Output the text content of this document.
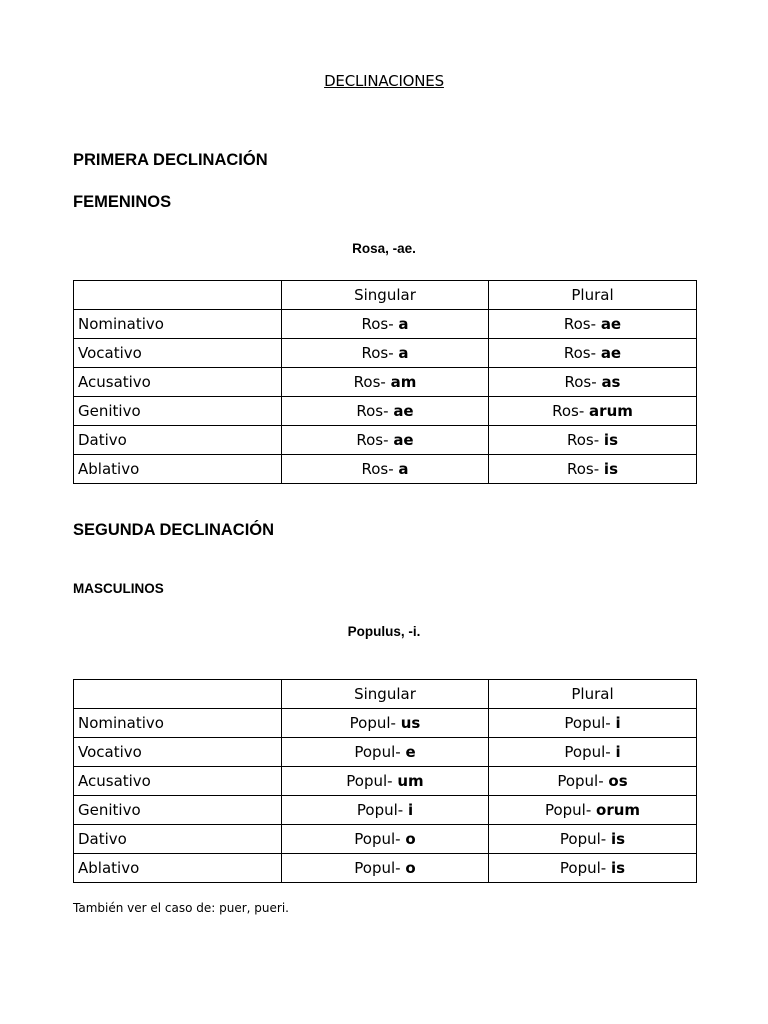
DECLINACIONES
PRIMERA DECLINACIÓN
FEMENINOS
Rosa, -ae.
	Singular	Plural
Nominativo	Ros- a	Ros- ae
Vocativo	Ros- a	Ros- ae
Acusativo	Ros- am	Ros- as
Genitivo	Ros- ae	Ros- arum
Dativo	Ros- ae	Ros- is
Ablativo	Ros- a	Ros- is
SEGUNDA DECLINACIÓN
MASCULINOS
Populus, -i.
	Singular	Plural
Nominativo	Popul- us	Popul- i
Vocativo	Popul- e	Popul- i
Acusativo	Popul- um	Popul- os
Genitivo	Popul- i	Popul- orum
Dativo	Popul- o	Popul- is
Ablativo	Popul- o	Popul- is
También ver el caso de: puer, pueri.
